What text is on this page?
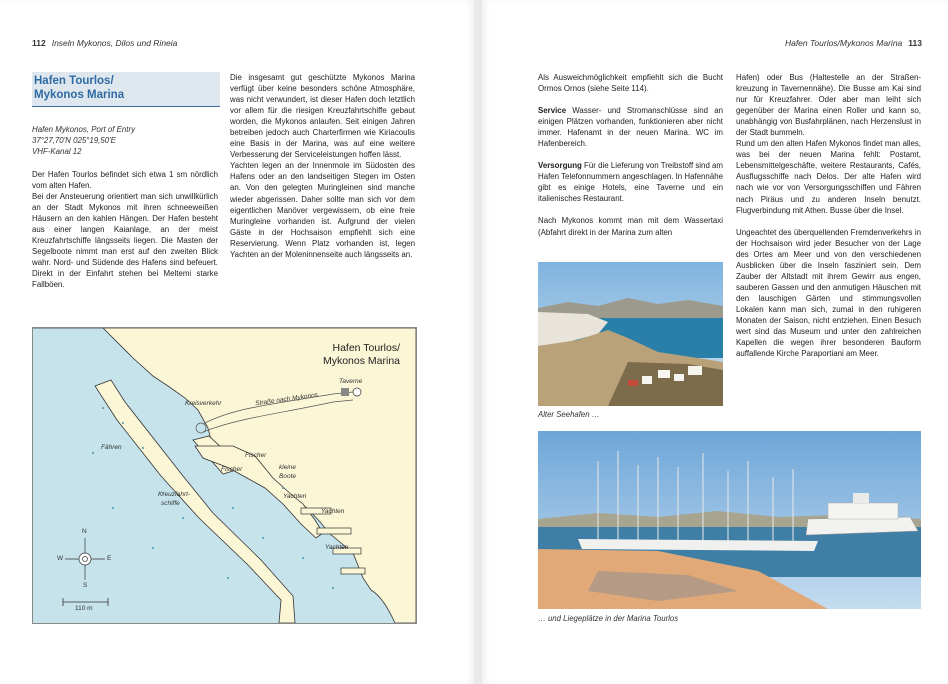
112 Inseln Mykonos, Dilos und Rineia
Hafen Tourlos/
Mykonos Marina
Hafen Mykonos, Port of Entry
37°27,70'N 025°19,50'E
VHF-Kanal 12

Der Hafen Tourlos befindet sich etwa 1 sm nördlich vom alten Hafen.

Bei der Ansteuerung orientiert man sich unwillkürlich an der Stadt Mykonos mit ihren schneeweißen Häusern an den kahlen Hängen. Der Hafen besteht aus einer langen Kaianlage, an der meist Kreuzfahrtschiffe längsseits liegen. Die Masten der Segelboote nimmt man erst auf den zweiten Blick wahr. Nord- und Südende des Hafens sind befeuert. Direkt in der Einfahrt stehen bei Meltemi starke Fallböen.

Die insgesamt gut geschützte Mykonos Marina verfügt über keine besonders schöne Atmosphäre, was nicht verwundert, ist dieser Hafen doch letztlich vor allem für die riesigen Kreuzfahrtschiffe gebaut worden, die Mykonos anlaufen. Seit einigen Jahren betreiben jedoch auch Charterfirmen wie Kiriacoulis eine Basis in der Marina, was auf eine weitere Verbesserung der Serviceleistungen hoffen lässt.

Yachten legen an der Innenmole im Südosten des Hafens oder an den landseitigen Stegen im Osten an. Von den gelegten Muringleinen sind manche wieder abgerissen. Daher sollte man sich vor dem eigentlichen Manöver vergewissern, ob eine freie Muringleine vorhanden ist. Aufgrund der vielen Gäste in der Hochsaison empfiehlt sich eine Reservierung. Wenn Platz vorhanden ist, legen Yachten an der Moleninnenseite auch längsseits an.

Hafen Tourlos/
Mykonos Marina
Fähren
Kreuzfahrt-
schiffe
Kreisverkehr	Straße nach Mykonos
Taverne
Fischer
Fischer	kleine
Boote
Yachten
Yachten
Yachten
110 m
N
S
E
W
Hafen Tourlos/Mykonos Marina 113

Als Ausweichmöglichkeit empfiehlt sich die Bucht Ormos Ornos (siehe Seite 114).

Service Wasser- und Stromanschlüsse sind an einigen Plätzen vorhanden, funktionieren aber nicht immer. Hafenamt in der neuen Marina. WC im Hafenbereich.

Versorgung Für die Lieferung von Treibstoff sind am Hafen Telefonnummern angeschlagen. In Hafennähe gibt es einige Hotels, eine Taverne und ein italienisches Restaurant.

Nach Mykonos kommt man mit dem Wassertaxi (Abfahrt direkt in der Marina zum alten

Hafen) oder Bus (Haltestelle an der Straßenkreuzung in Tavernennähe). Die Busse am Kai sind nur für Kreuzfahrer. Oder aber man leiht sich gegenüber der Marina einen Roller und kann so, unabhängig von Busfahrplänen, nach Herzenslust in der Stadt bummeln.

Rund um den alten Hafen Mykonos findet man alles, was bei der neuen Marina fehlt: Postamt, Lebensmittelgeschäfte, weitere Restaurants, Cafés, Ausflugsschiffe nach Delos. Der alte Hafen wird nach wie vor von Versorgungsschiffen und Fähren nach Piräus und zu anderen Inseln benutzt. Flugverbindung mit Athen. Busse über die Insel.

Ungeachtet des überquellenden Fremdenverkehrs in der Hochsaison wird jeder Besucher von der Lage des Ortes am Meer und von den verschiedenen Ausblicken über die Inseln fasziniert sein. Dem Zauber der Altstadt mit ihrem Gewirr aus engen, sauberen Gassen und den anmutigen Häuschen mit den lauschigen Gärten und stimmungsvollen Lokalen kann man sich, zumal in den ruhigeren Monaten der Saison, nicht entziehen. Einen Besuch wert sind das Museum und unter den zahlreichen Kapellen die wegen ihrer besonderen Bauform auffallende Kirche Paraportiani am Meer.

Alter Seehafen …
… und Liegeplätze in der Marina Tourlos
